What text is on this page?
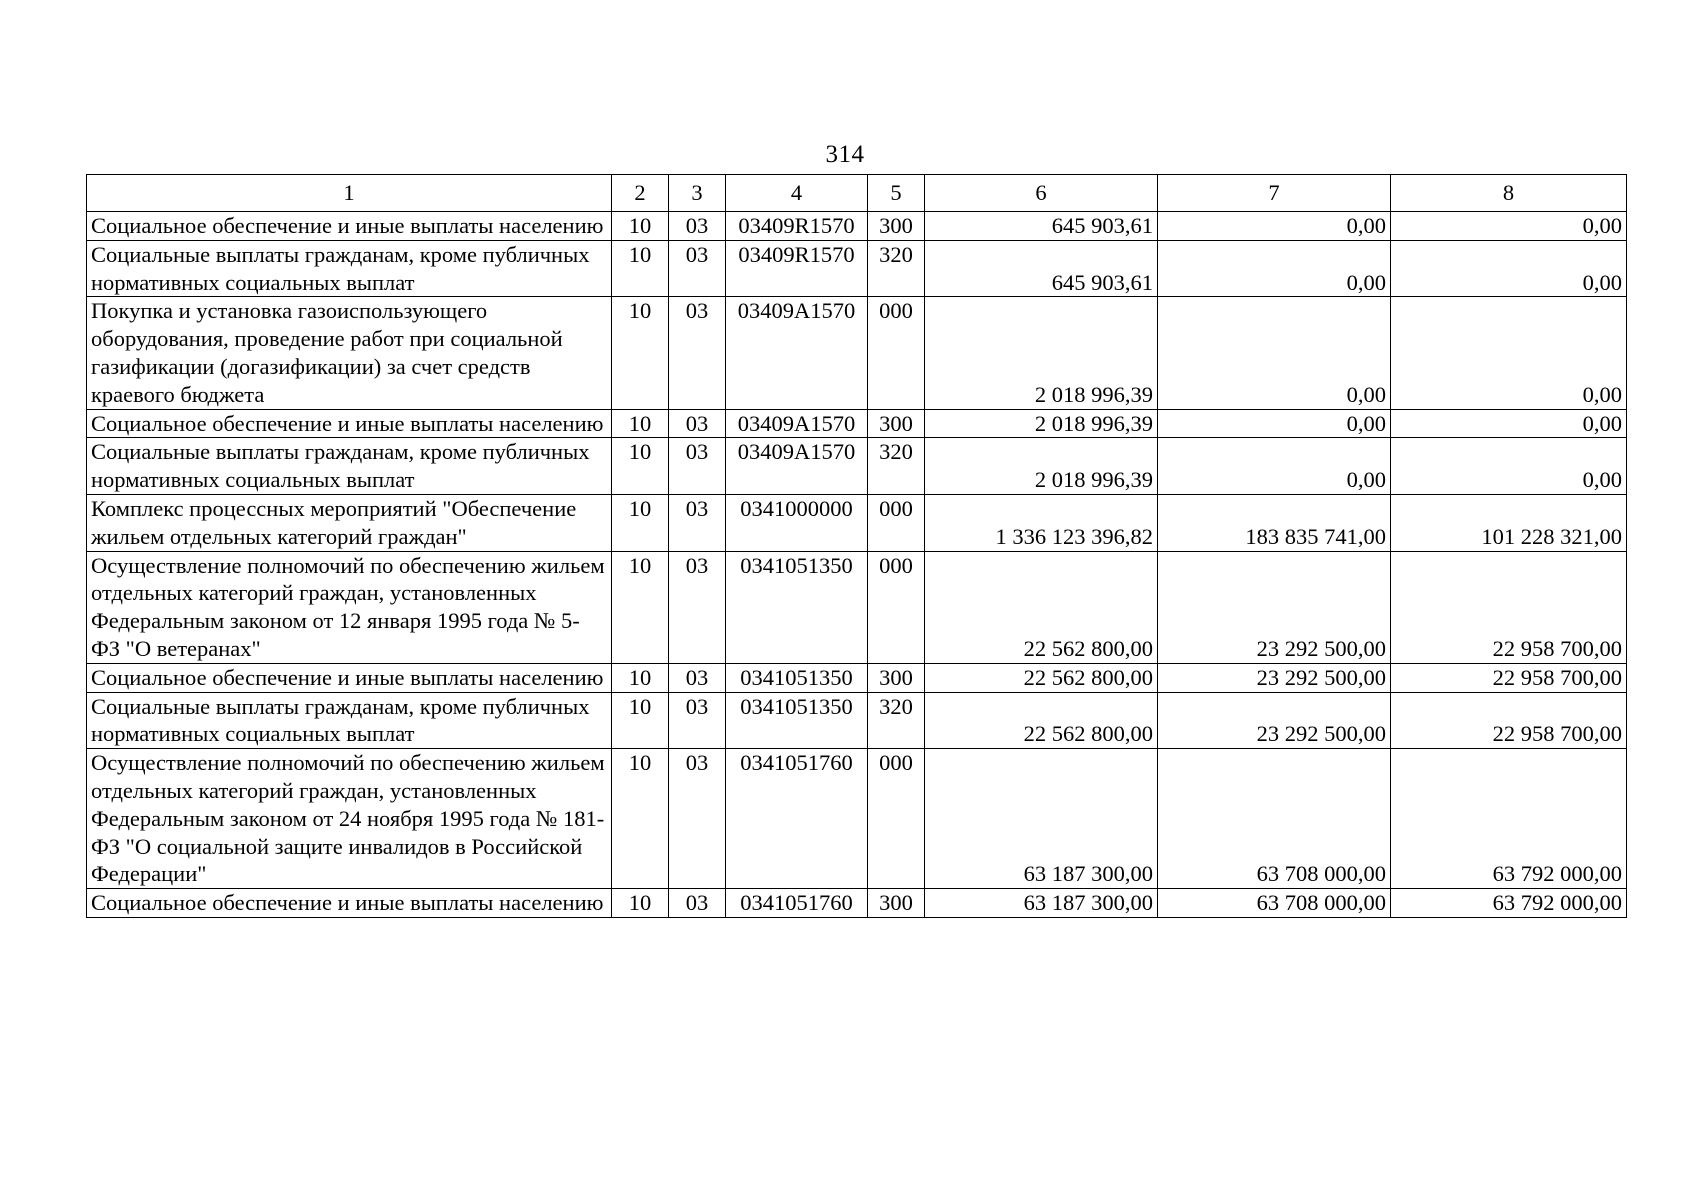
314
1	2	3	4	5	6	7	8
Социальное обеспечение и иные выплаты населению	10	03	03409R1570	300	645 903,61	0,00	0,00
Социальные выплаты гражданам, кроме публичных нормативных социальных выплат	10	03	03409R1570	320	645 903,61	0,00	0,00
Покупка и установка газоиспользующего оборудования, проведение работ при социальной газификации (догазификации) за счет средств краевого бюджета	10	03	03409A1570	000	2 018 996,39	0,00	0,00
Социальное обеспечение и иные выплаты населению	10	03	03409A1570	300	2 018 996,39	0,00	0,00
Социальные выплаты гражданам, кроме публичных нормативных социальных выплат	10	03	03409A1570	320	2 018 996,39	0,00	0,00
Комплекс процессных мероприятий "Обеспечение жильем отдельных категорий граждан"	10	03	0341000000	000	1 336 123 396,82	183 835 741,00	101 228 321,00
Осуществление полномочий по обеспечению жильем отдельных категорий граждан, установленных Федеральным законом от 12 января 1995 года № 5-ФЗ "О ветеранах"	10	03	0341051350	000	22 562 800,00	23 292 500,00	22 958 700,00
Социальное обеспечение и иные выплаты населению	10	03	0341051350	300	22 562 800,00	23 292 500,00	22 958 700,00
Социальные выплаты гражданам, кроме публичных нормативных социальных выплат	10	03	0341051350	320	22 562 800,00	23 292 500,00	22 958 700,00
Осуществление полномочий по обеспечению жильем отдельных категорий граждан, установленных Федеральным законом от 24 ноября 1995 года № 181-ФЗ "О социальной защите инвалидов в Российской Федерации"	10	03	0341051760	000	63 187 300,00	63 708 000,00	63 792 000,00
Социальное обеспечение и иные выплаты населению	10	03	0341051760	300	63 187 300,00	63 708 000,00	63 792 000,00
